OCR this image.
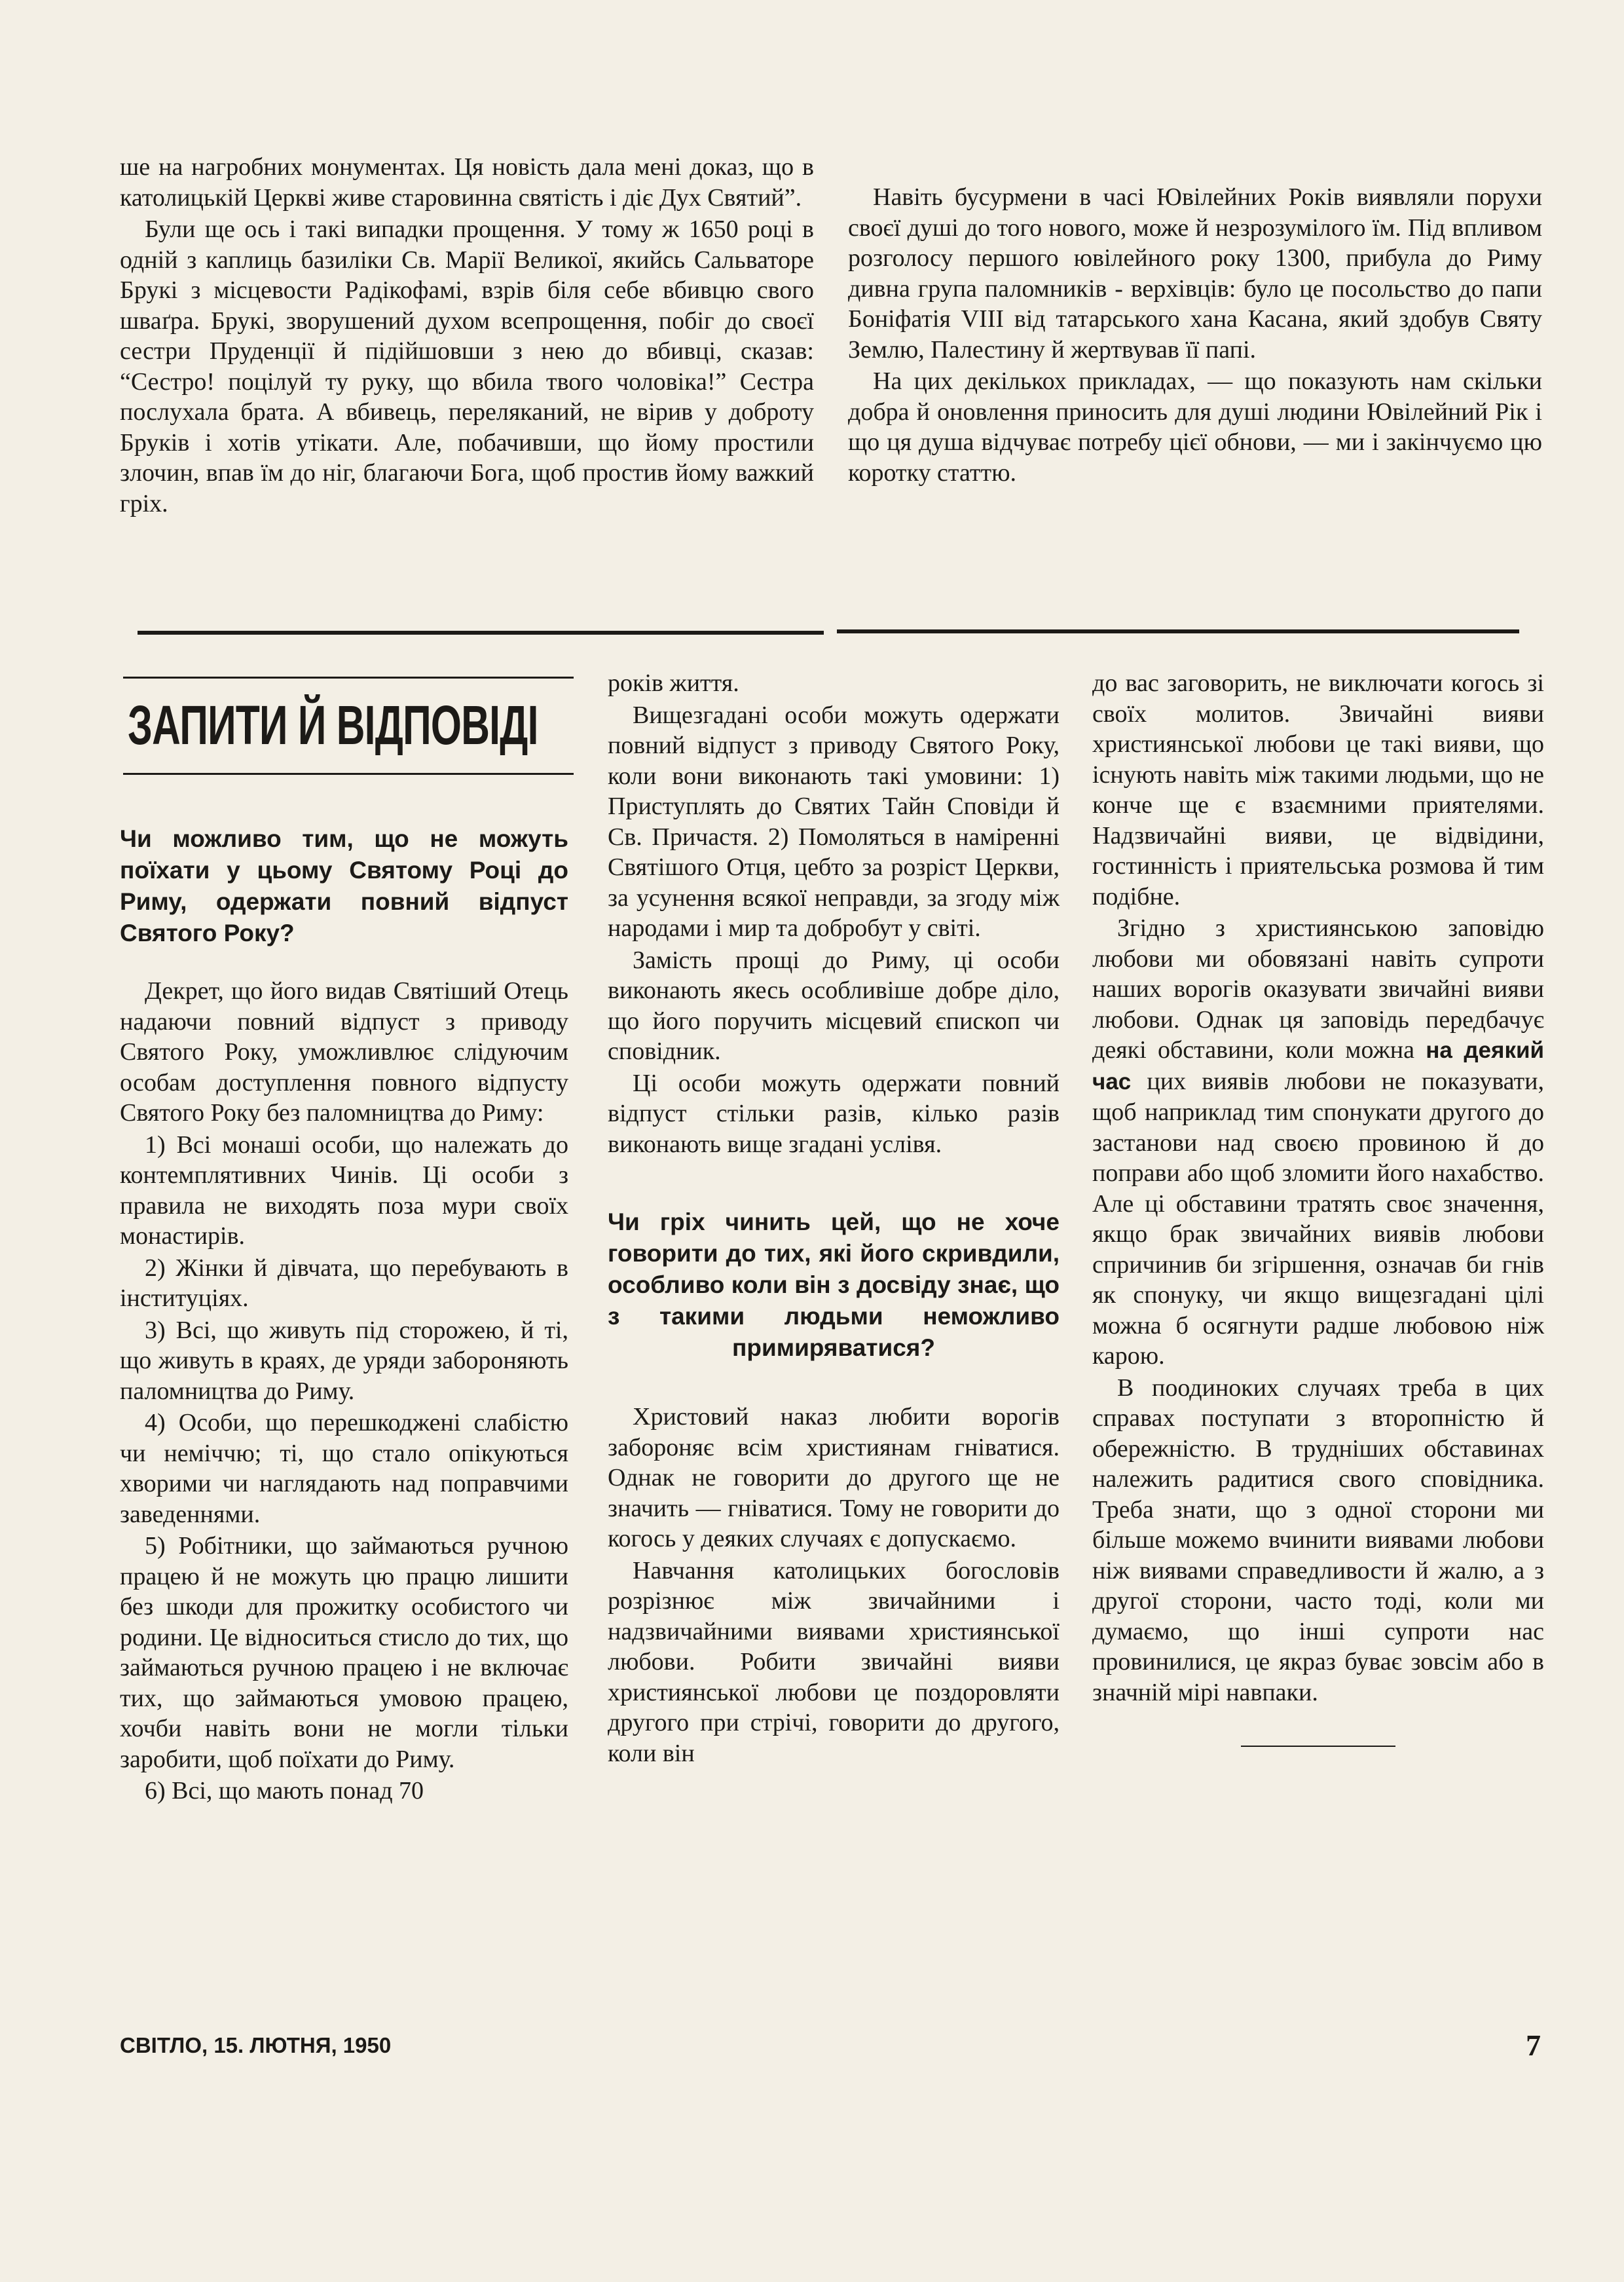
ше на нагробних монументах. Ця новість дала мені доказ, що в католицькій Церкві живе старовинна святість і діє Дух Святий”.

Були ще ось і такі випадки прощення. У тому ж 1650 році в одній з каплиць базиліки Св. Марії Великої, якийсь Сальваторе Брукі з місцевости Радікофамі, взрів біля себе вбивцю свого шваґра. Брукі, зворушений духом всепрощення, побіг до своєї сестри Пруденції й підійшовши з нею до вбивці, сказав: “Сестро! поцілуй ту руку, що вбила твого чоловіка!” Сестра послухала брата. А вбивець, переляканий, не вірив у доброту Бруків і хотів утікати. Але, побачивши, що йому простили злочин, впав їм до ніг, благаючи Бога, щоб простив йому важкий гріх.

Навіть бусурмени в часі Ювілейних Років виявляли порухи своєї душі до того нового, може й незрозумілого їм. Під впливом розголосу першого ювілейного року 1300, прибула до Риму дивна група паломників - верхівців: було це посольство до папи Боніфатія VIII від татарського хана Касана, який здобув Святу Землю, Палестину й жертвував її папі.

На цих декількох прикладах, — що показують нам скільки добра й оновлення приносить для душі людини Ювілейний Рік і що ця душа відчуває потребу цієї обнови, — ми і закінчуємо цю коротку статтю.

ЗАПИТИ Й ВІДПОВІДІ

Чи можливо тим, що не можуть поїхати у цьому Святому Році до Риму, одержати повний відпуст Святого Року?

Декрет, що його видав Святіший Отець надаючи повний відпуст з приводу Святого Року, уможливлює слідуючим особам доступлення повного відпусту Святого Року без паломництва до Риму:

1) Всі монаші особи, що належать до контемплятивних Чинів. Ці особи з правила не виходять поза мури своїх монастирів.

2) Жінки й дівчата, що перебувають в інституціях.

3) Всі, що живуть під сторожею, й ті, що живуть в краях, де уряди забороняють паломництва до Риму.

4) Особи, що перешкоджені слабістю чи неміччю; ті, що стало опікуються хворими чи наглядають над поправчими заведеннями.

5) Робітники, що займаються ручною працею й не можуть цю працю лишити без шкоди для прожитку особистого чи родини. Це відноситься стисло до тих, що займаються ручною працею і не включає тих, що займаються умовою працею, хочби навіть вони не могли тільки заробити, щоб поїхати до Риму.

6) Всі, що мають понад 70

років життя.

Вищезгадані особи можуть одержати повний відпуст з приводу Святого Року, коли вони виконають такі умовини: 1) Приступлять до Святих Тайн Сповіди й Св. Причастя. 2) Помоляться в наміренні Святішого Отця, цебто за розріст Церкви, за усунення всякої неправди, за згоду між народами і мир та добробут у світі.

Замість прощі до Риму, ці особи виконають якесь особливіше добре діло, що його поручить місцевий єпископ чи сповідник.

Ці особи можуть одержати повний відпуст стільки разів, кілько разів виконають вище згадані услівя.

Чи гріх чинить цей, що не хоче говорити до тих, які його скривдили, особливо коли він з досвіду знає, що з такими людьми неможливо примиряватися?

Христовий наказ любити ворогів забороняє всім християнам гніватися. Однак не говорити до другого ще не значить — гніватися. Тому не говорити до когось у деяких случаях є допускаємо.

Навчання католицьких богословів розрізнює між звичайними і надзвичайними виявами християнської любови. Робити звичайні вияви християнської любови це поздоровляти другого при стрічі, говорити до другого, коли він

до вас заговорить, не виключати когось зі своїх молитов. Звичайні вияви християнської любови це такі вияви, що існують навіть між такими людьми, що не конче ще є взаємними приятелями. Надзвичайні вияви, це відвідини, гостинність і приятельська розмова й тим подібне.

Згідно з християнською заповідю любови ми обовязані навіть супроти наших ворогів оказувати звичайні вияви любови. Однак ця заповідь передбачує деякі обставини, коли можна на деякий час цих виявів любови не показувати, щоб наприклад тим спонукати другого до застанови над своєю провиною й до поправи або щоб зломити його нахабство. Але ці обставини тратять своє значення, якщо брак звичайних виявів любови спричинив би згіршення, означав би гнів як спонуку, чи якщо вищезгадані цілі можна б осягнути радше любовою ніж карою.

В поодиноких случаях треба в цих справах поступати з второпністю й обережністю. В трудніших обставинах належить радитися свого сповідника. Треба знати, що з одної сторони ми більше можемо вчинити виявами любови ніж виявами справедливости й жалю, а з другої сторони, часто тоді, коли ми думаємо, що інші супроти нас провинилися, це якраз буває зовсім або в значній мірі навпаки.

СВІТЛО, 15. ЛЮТНЯ, 1950	7
